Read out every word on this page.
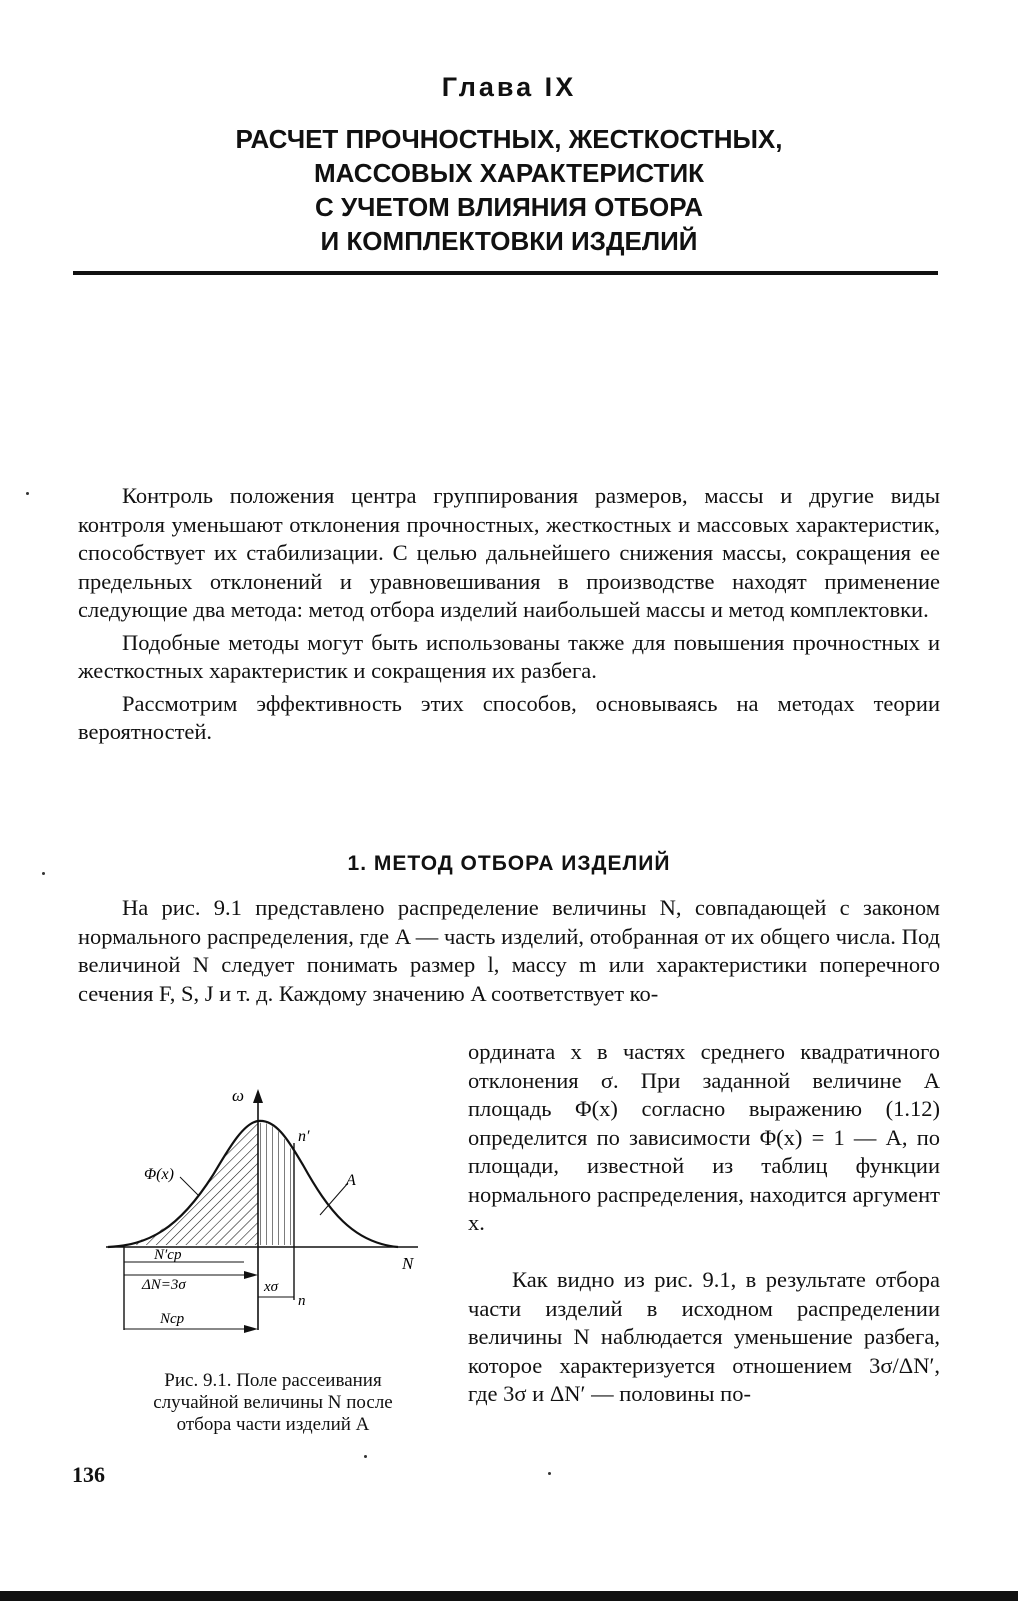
Глава IX
РАСЧЕТ ПРОЧНОСТНЫХ, ЖЕСТКОСТНЫХ,
МАССОВЫХ ХАРАКТЕРИСТИК
С УЧЕТОМ ВЛИЯНИЯ ОТБОРА
И КОМПЛЕКТОВКИ ИЗДЕЛИЙ

Контроль положения центра группирования размеров, массы и другие виды контроля уменьшают отклонения прочностных, жесткостных и массовых характеристик, способствует их стабилизации. С целью дальнейшего снижения массы, сокращения ее предельных отклонений и уравновешивания в производстве находят применение следующие два метода: метод отбора изделий наибольшей массы и метод комплектовки.

Подобные методы могут быть использованы также для повышения прочностных и жесткостных характеристик и сокращения их разбега.

Рассмотрим эффективность этих способов, основываясь на методах теории вероятностей.

1. МЕТОД ОТБОРА ИЗДЕЛИЙ

На рис. 9.1 представлено распределение величины N, совпадающей с законом нормального распределения, где A — часть изделий, отобранная от их общего числа. Под величиной N следует понимать размер l, массу m или характеристики поперечного сечения F, S, J и т. д. Каждому значению A соответствует ко-

ордината x в частях среднего квадратичного отклонения σ. При заданной величине A площадь Φ(x) согласно выражению (1.12) определится по зависимости Φ(x) = 1 — A, по площади, известной из таблиц функции нормального распределения, находится аргумент x.

Как видно из рис. 9.1, в результате отбора части изделий в исходном распределении величины N наблюдается уменьшение разбега, которое характеризуется отношением 3σ/ΔN′, где 3σ и ΔN′ — половины по-

ω
Φ(x)
n′
A
N
N′cp
ΔN=3σ	xσ
n
Ncp
Рис. 9.1. Поле рассеивания
случайной величины N после
отбора части изделий A
136
